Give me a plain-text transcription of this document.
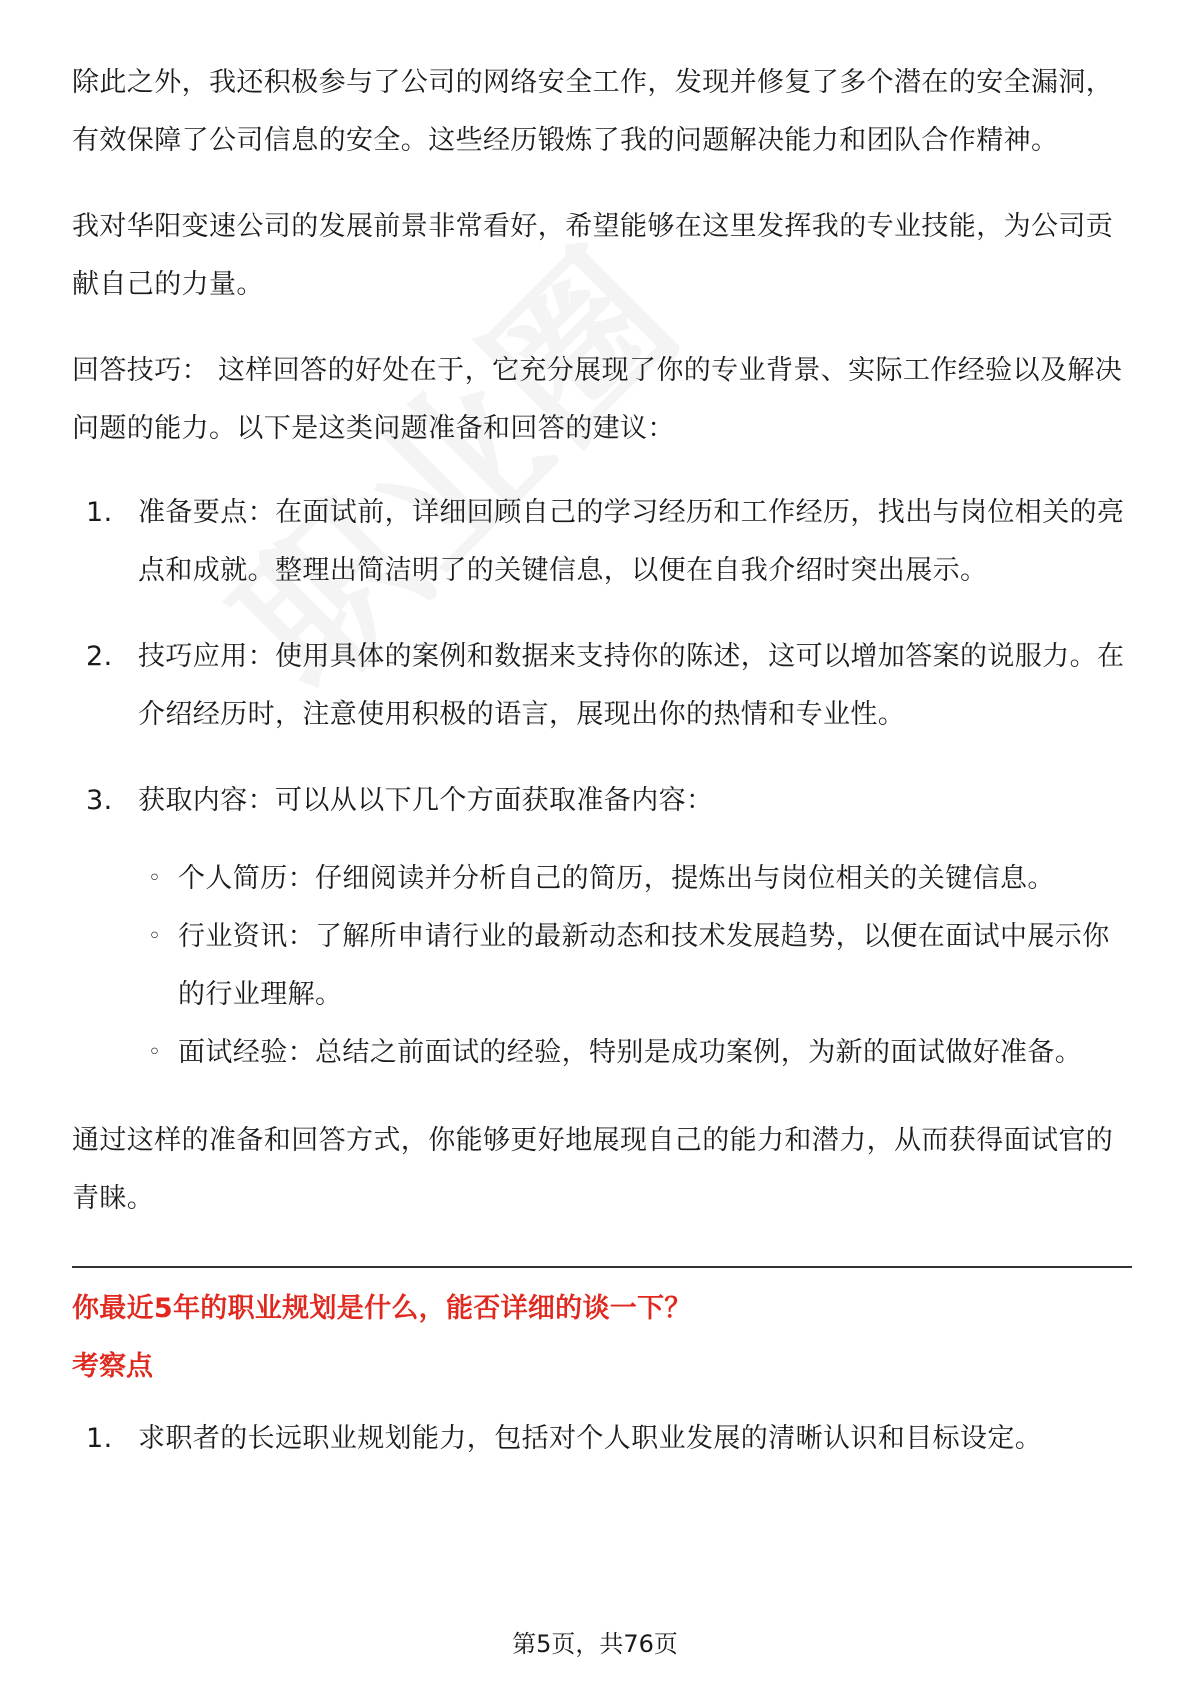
除此之外，我还积极参与了公司的网络安全工作，发现并修复了多个潜在的安全漏洞，有效保障了公司信息的安全。这些经历锻炼了我的问题解决能力和团队合作精神。

我对华阳变速公司的发展前景非常看好，希望能够在这里发挥我的专业技能，为公司贡献自己的力量。

回答技巧： 这样回答的好处在于，它充分展现了你的专业背景、实际工作经验以及解决问题的能力。以下是这类问题准备和回答的建议：

1. 准备要点：在面试前，详细回顾自己的学习经历和工作经历，找出与岗位相关的亮点和成就。整理出简洁明了的关键信息，以便在自我介绍时突出展示。
2. 技巧应用：使用具体的案例和数据来支持你的陈述，这可以增加答案的说服力。在介绍经历时，注意使用积极的语言，展现出你的热情和专业性。
3. 获取内容：可以从以下几个方面获取准备内容：
◦ 个人简历：仔细阅读并分析自己的简历，提炼出与岗位相关的关键信息。
◦ 行业资讯：了解所申请行业的最新动态和技术发展趋势，以便在面试中展示你的行业理解。
◦ 面试经验：总结之前面试的经验，特别是成功案例，为新的面试做好准备。

通过这样的准备和回答方式，你能够更好地展现自己的能力和潜力，从而获得面试官的青睐。

你最近5年的职业规划是什么，能否详细的谈一下？

考察点

1. 求职者的长远职业规划能力，包括对个人职业发展的清晰认识和目标设定。
第5页，共76页
